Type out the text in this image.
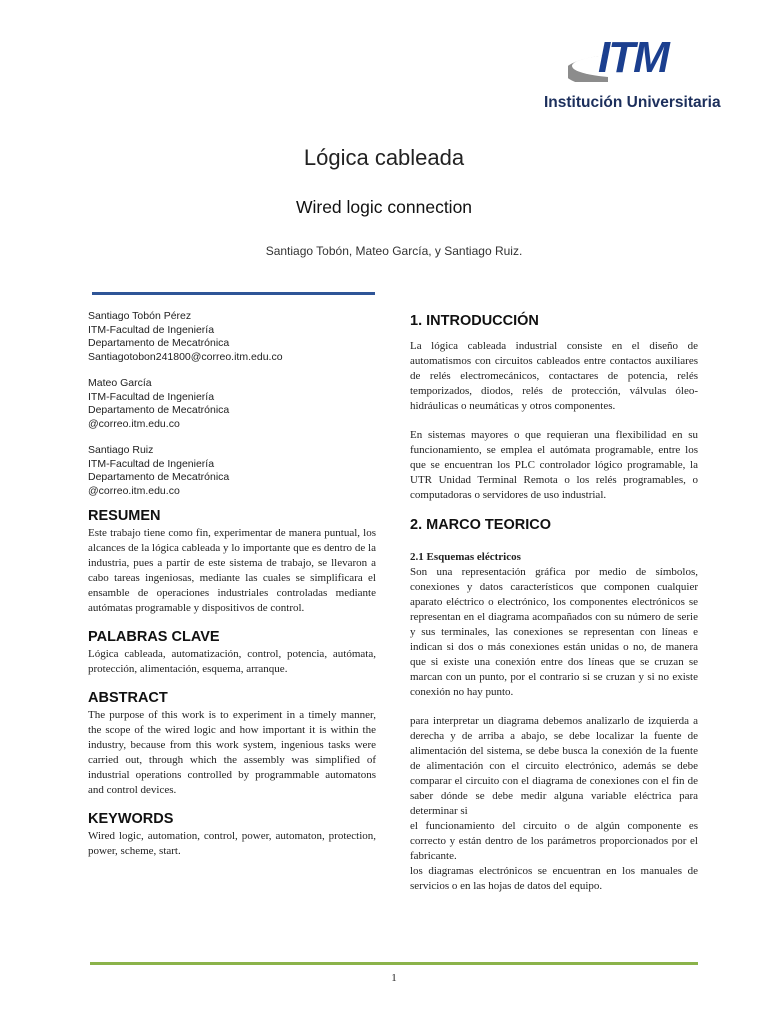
ITM
Institución Universitaria
Lógica cableada
Wired logic connection
Santiago Tobón, Mateo García, y Santiago Ruiz.
Santiago Tobón Pérez
ITM-Facultad de Ingeniería
Departamento de Mecatrónica
Santiagotobon241800@correo.itm.edu.co
Mateo García
ITM-Facultad de Ingeniería
Departamento de Mecatrónica
@correo.itm.edu.co
Santiago Ruiz
ITM-Facultad de Ingeniería
Departamento de Mecatrónica
@correo.itm.edu.co
RESUMEN

Este trabajo tiene como fin, experimentar de manera puntual, los alcances de la lógica cableada y lo importante que es dentro de la industria, pues a partir de este sistema de trabajo, se llevaron a cabo tareas ingeniosas, mediante las cuales se simplificara el ensamble de operaciones industriales controladas mediante autómatas programable y dispositivos de control.

PALABRAS CLAVE

Lógica cableada, automatización, control, potencia, autómata, protección, alimentación, esquema, arranque.

ABSTRACT

The purpose of this work is to experiment in a timely manner, the scope of the wired logic and how important it is within the industry, because from this work system, ingenious tasks were carried out, through which the assembly was simplified of industrial operations controlled by programmable automatons and control devices.

KEYWORDS

Wired logic, automation, control, power, automaton, protection, power, scheme, start.

1. INTRODUCCIÓN

La lógica cableada industrial consiste en el diseño de automatismos con circuitos cableados entre contactos auxiliares de relés electromecánicos, contactares de potencia, relés temporizados, diodos, relés de protección, válvulas óleo-hidráulicas o neumáticas y otros componentes.

En sistemas mayores o que requieran una flexibilidad en su funcionamiento, se emplea el autómata programable, entre los que se encuentran los PLC controlador lógico programable, la UTR Unidad Terminal Remota o los relés programables, o computadoras o servidores de uso industrial.

2. MARCO TEORICO
2.1 Esquemas eléctricos

Son una representación gráfica por medio de símbolos, conexiones y datos característicos que componen cualquier aparato eléctrico o electrónico, los componentes electrónicos se representan en el diagrama acompañados con su número de serie y sus terminales, las conexiones se representan con líneas e indican si dos o más conexiones están unidas o no, de manera que si existe una conexión entre dos líneas que se cruzan se marcan con un punto, por el contrario si se cruzan y si no existe conexión no hay punto.

para interpretar un diagrama debemos analizarlo de izquierda a derecha y de arriba a abajo, se debe localizar la fuente de alimentación del sistema, se debe busca la conexión de la fuente de alimentación con el circuito electrónico, además se debe comparar el circuito con el diagrama de conexiones con el fin de saber dónde se debe medir alguna variable eléctrica para determinar si

el funcionamiento del circuito o de algún componente es correcto y están dentro de los parámetros proporcionados por el fabricante.

los diagramas electrónicos se encuentran en los manuales de servicios o en las hojas de datos del equipo.

1
